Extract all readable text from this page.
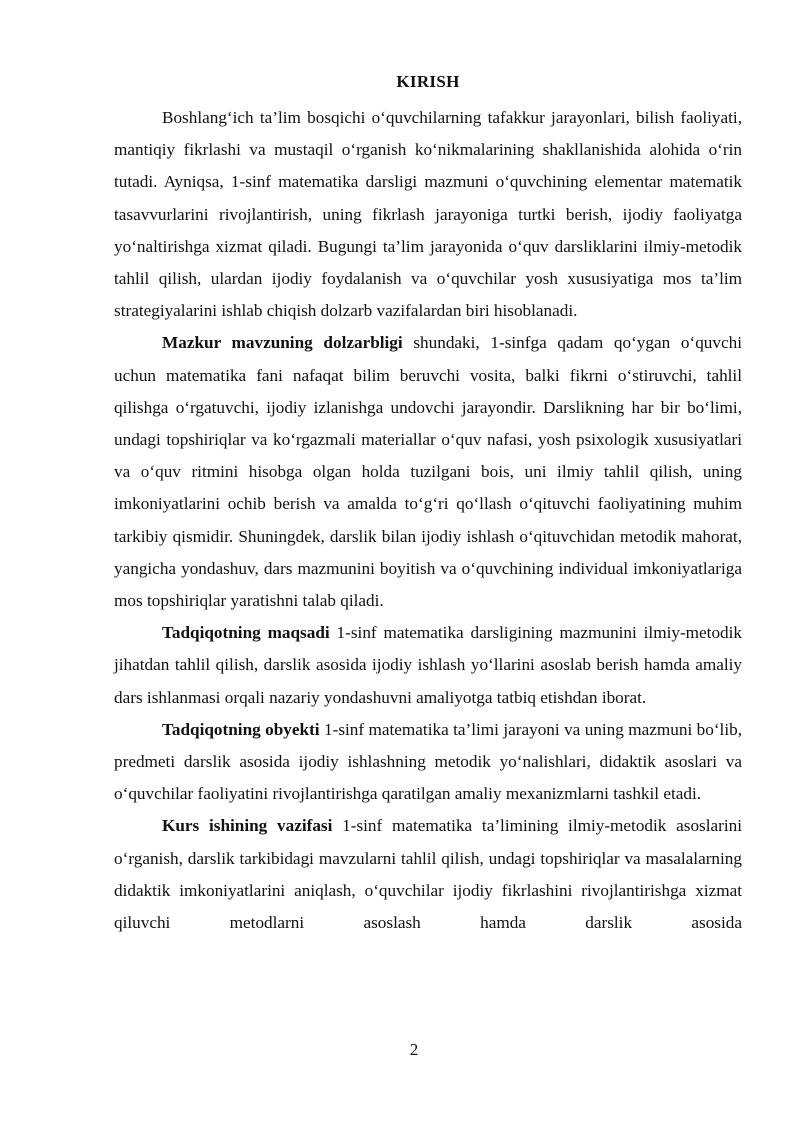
KIRISH

Boshlang‘ich ta’lim bosqichi o‘quvchilarning tafakkur jarayonlari, bilish faoliyati, mantiqiy fikrlashi va mustaqil o‘rganish ko‘nikmalarining shakllanishida alohida o‘rin tutadi. Ayniqsa, 1-sinf matematika darsligi mazmuni o‘quvchining elementar matematik tasavvurlarini rivojlantirish, uning fikrlash jarayoniga turtki berish, ijodiy faoliyatga yo‘naltirishga xizmat qiladi. Bugungi ta’lim jarayonida o‘quv darsliklarini ilmiy-metodik tahlil qilish, ulardan ijodiy foydalanish va o‘quvchilar yosh xususiyatiga mos ta’lim strategiyalarini ishlab chiqish dolzarb vazifalardan biri hisoblanadi.

Mazkur mavzuning dolzarbligi shundaki, 1-sinfga qadam qo‘ygan o‘quvchi uchun matematika fani nafaqat bilim beruvchi vosita, balki fikrni o‘stiruvchi, tahlil qilishga o‘rgatuvchi, ijodiy izlanishga undovchi jarayondir. Darslikning har bir bo‘limi, undagi topshiriqlar va ko‘rgazmali materiallar o‘quv nafasi, yosh psixologik xususiyatlari va o‘quv ritmini hisobga olgan holda tuzilgani bois, uni ilmiy tahlil qilish, uning imkoniyatlarini ochib berish va amalda to‘g‘ri qo‘llash o‘qituvchi faoliyatining muhim tarkibiy qismidir. Shuningdek, darslik bilan ijodiy ishlash o‘qituvchidan metodik mahorat, yangicha yondashuv, dars mazmunini boyitish va o‘quvchining individual imkoniyatlariga mos topshiriqlar yaratishni talab qiladi.

Tadqiqotning maqsadi 1-sinf matematika darsligining mazmunini ilmiy-metodik jihatdan tahlil qilish, darslik asosida ijodiy ishlash yo‘llarini asoslab berish hamda amaliy dars ishlanmasi orqali nazariy yondashuvni amaliyotga tatbiq etishdan iborat.

Tadqiqotning obyekti 1-sinf matematika ta’limi jarayoni va uning mazmuni bo‘lib, predmeti darslik asosida ijodiy ishlashning metodik yo‘nalishlari, didaktik asoslari va o‘quvchilar faoliyatini rivojlantirishga qaratilgan amaliy mexanizmlarni tashkil etadi.

Kurs ishining vazifasi 1-sinf matematika ta’limining ilmiy-metodik asoslarini o‘rganish, darslik tarkibidagi mavzularni tahlil qilish, undagi topshiriqlar va masalalarning didaktik imkoniyatlarini aniqlash, o‘quvchilar ijodiy fikrlashini rivojlantirishga xizmat qiluvchi metodlarni asoslash hamda darslik asosida

2
